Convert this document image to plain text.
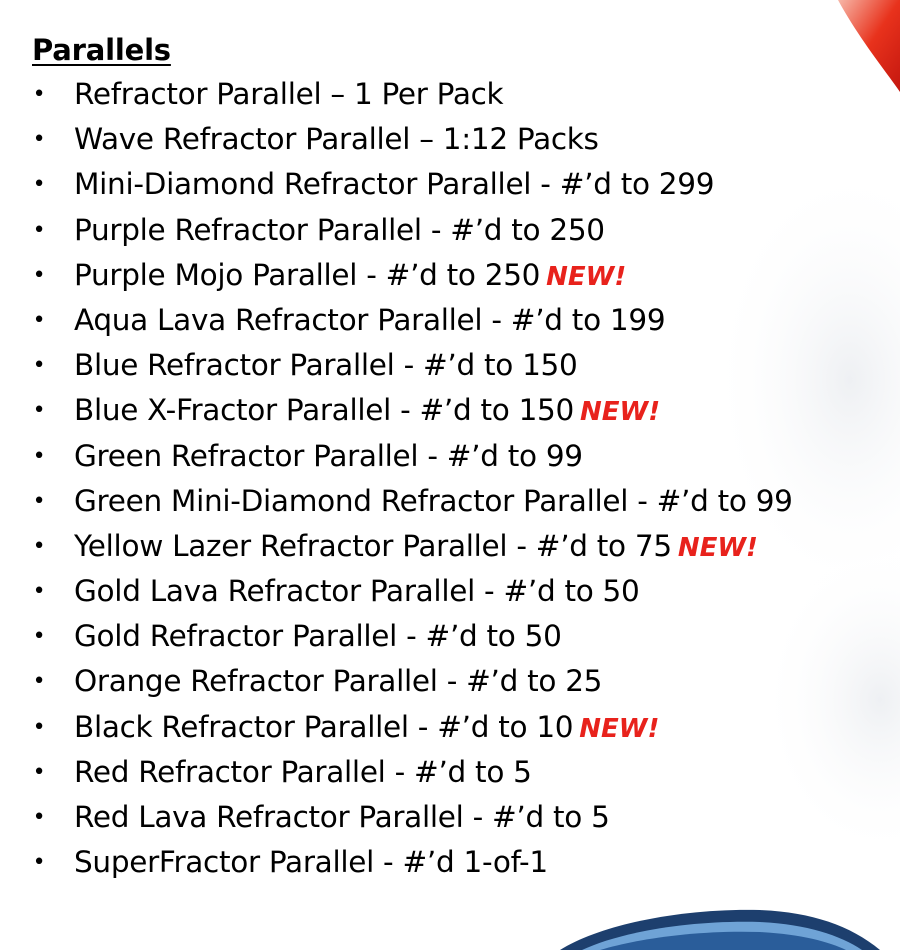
Parallels
• Refractor Parallel – 1 Per Pack
• Wave Refractor Parallel – 1:12 Packs
• Mini-Diamond Refractor Parallel - #’d to 299
• Purple Refractor Parallel - #’d to 250
• Purple Mojo Parallel - #’d to 250 NEW!
• Aqua Lava Refractor Parallel - #’d to 199
• Blue Refractor Parallel - #’d to 150
• Blue X-Fractor Parallel - #’d to 150 NEW!
• Green Refractor Parallel - #’d to 99
• Green Mini-Diamond Refractor Parallel - #’d to 99
• Yellow Lazer Refractor Parallel - #’d to 75 NEW!
• Gold Lava Refractor Parallel - #’d to 50
• Gold Refractor Parallel - #’d to 50
• Orange Refractor Parallel - #’d to 25
• Black Refractor Parallel - #’d to 10 NEW!
• Red Refractor Parallel - #’d to 5
• Red Lava Refractor Parallel - #’d to 5
• SuperFractor Parallel - #’d 1-of-1
